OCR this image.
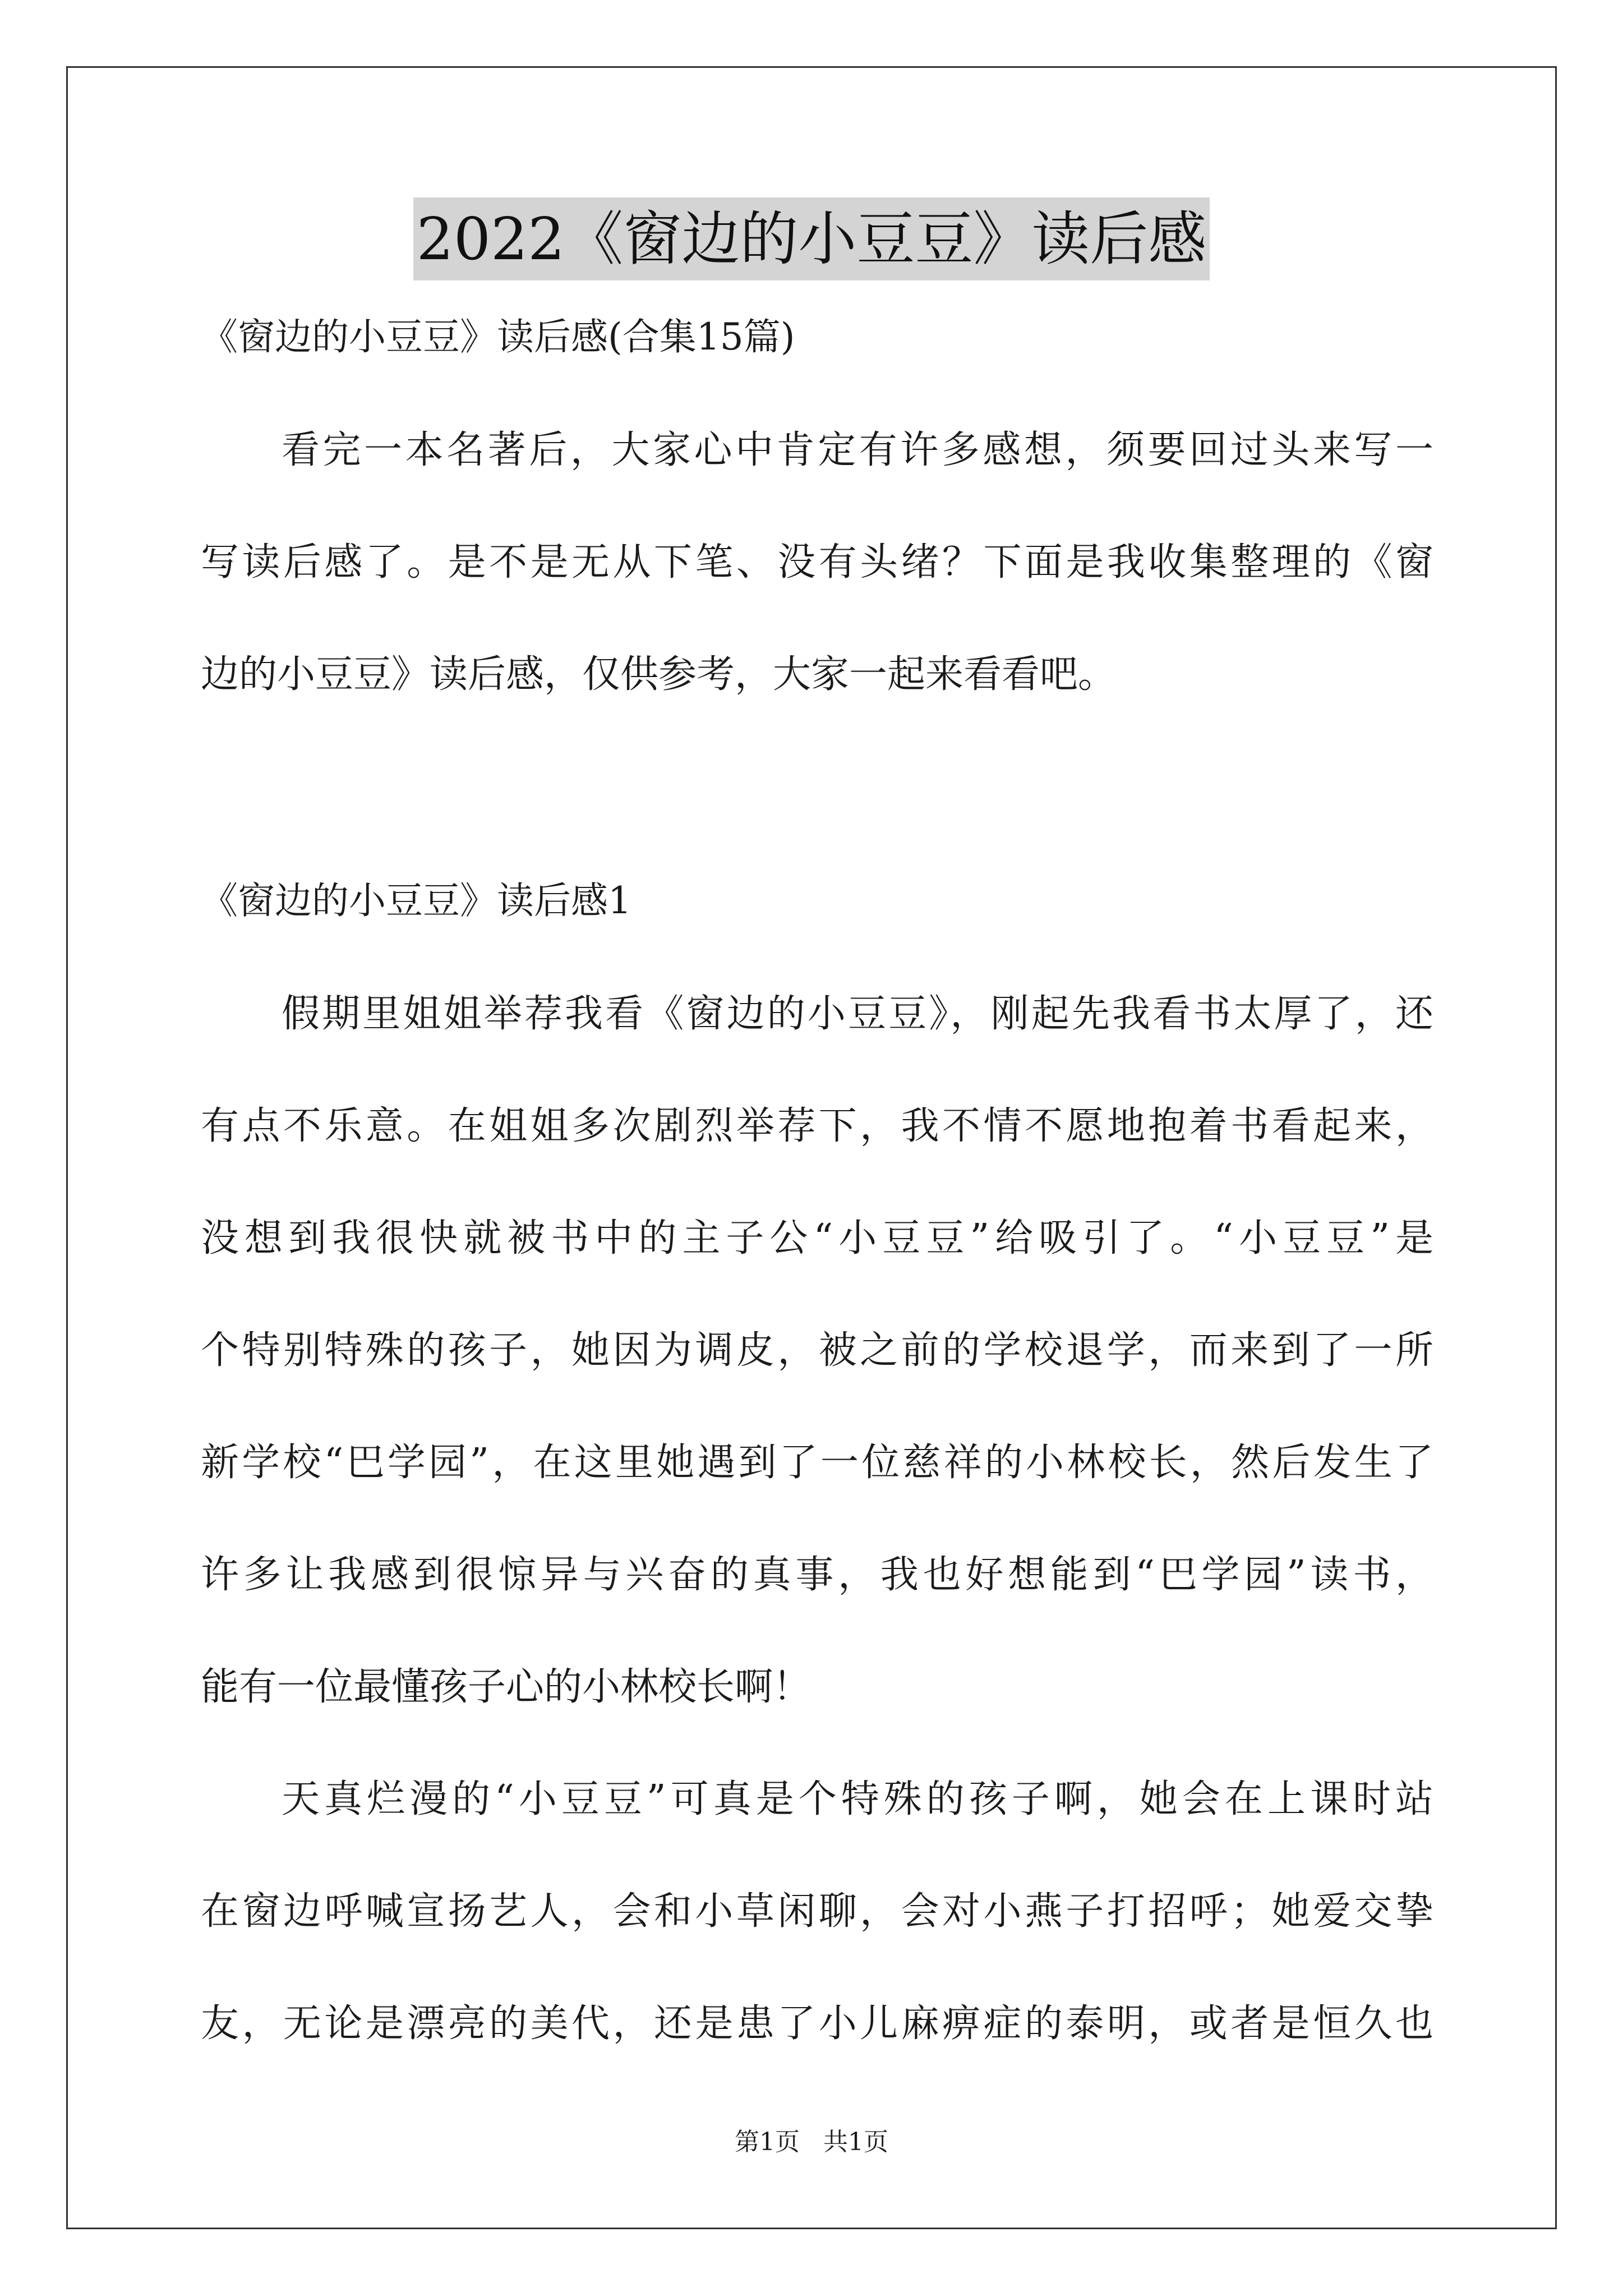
2022《窗边的小豆豆》读后感
《窗边的小豆豆》读后感(合集15篇)
看完一本名著后，大家心中肯定有许多感想，须要回过头来写一
写读后感了。是不是无从下笔、没有头绪？下面是我收集整理的《窗
边的小豆豆》读后感，仅供参考，大家一起来看看吧。
《窗边的小豆豆》读后感1
假期里姐姐举荐我看《窗边的小豆豆》，刚起先我看书太厚了，还
有点不乐意。在姐姐多次剧烈举荐下，我不情不愿地抱着书看起来，
没想到我很快就被书中的主子公“小豆豆”给吸引了。“小豆豆”是
个特别特殊的孩子，她因为调皮，被之前的学校退学，而来到了一所
新学校“巴学园”，在这里她遇到了一位慈祥的小林校长，然后发生了
许多让我感到很惊异与兴奋的真事，我也好想能到“巴学园”读书，
能有一位最懂孩子心的小林校长啊！
天真烂漫的“小豆豆”可真是个特殊的孩子啊，她会在上课时站
在窗边呼喊宣扬艺人，会和小草闲聊，会对小燕子打招呼；她爱交挚
友，无论是漂亮的美代，还是患了小儿麻痹症的泰明，或者是恒久也
第1页   共1页
